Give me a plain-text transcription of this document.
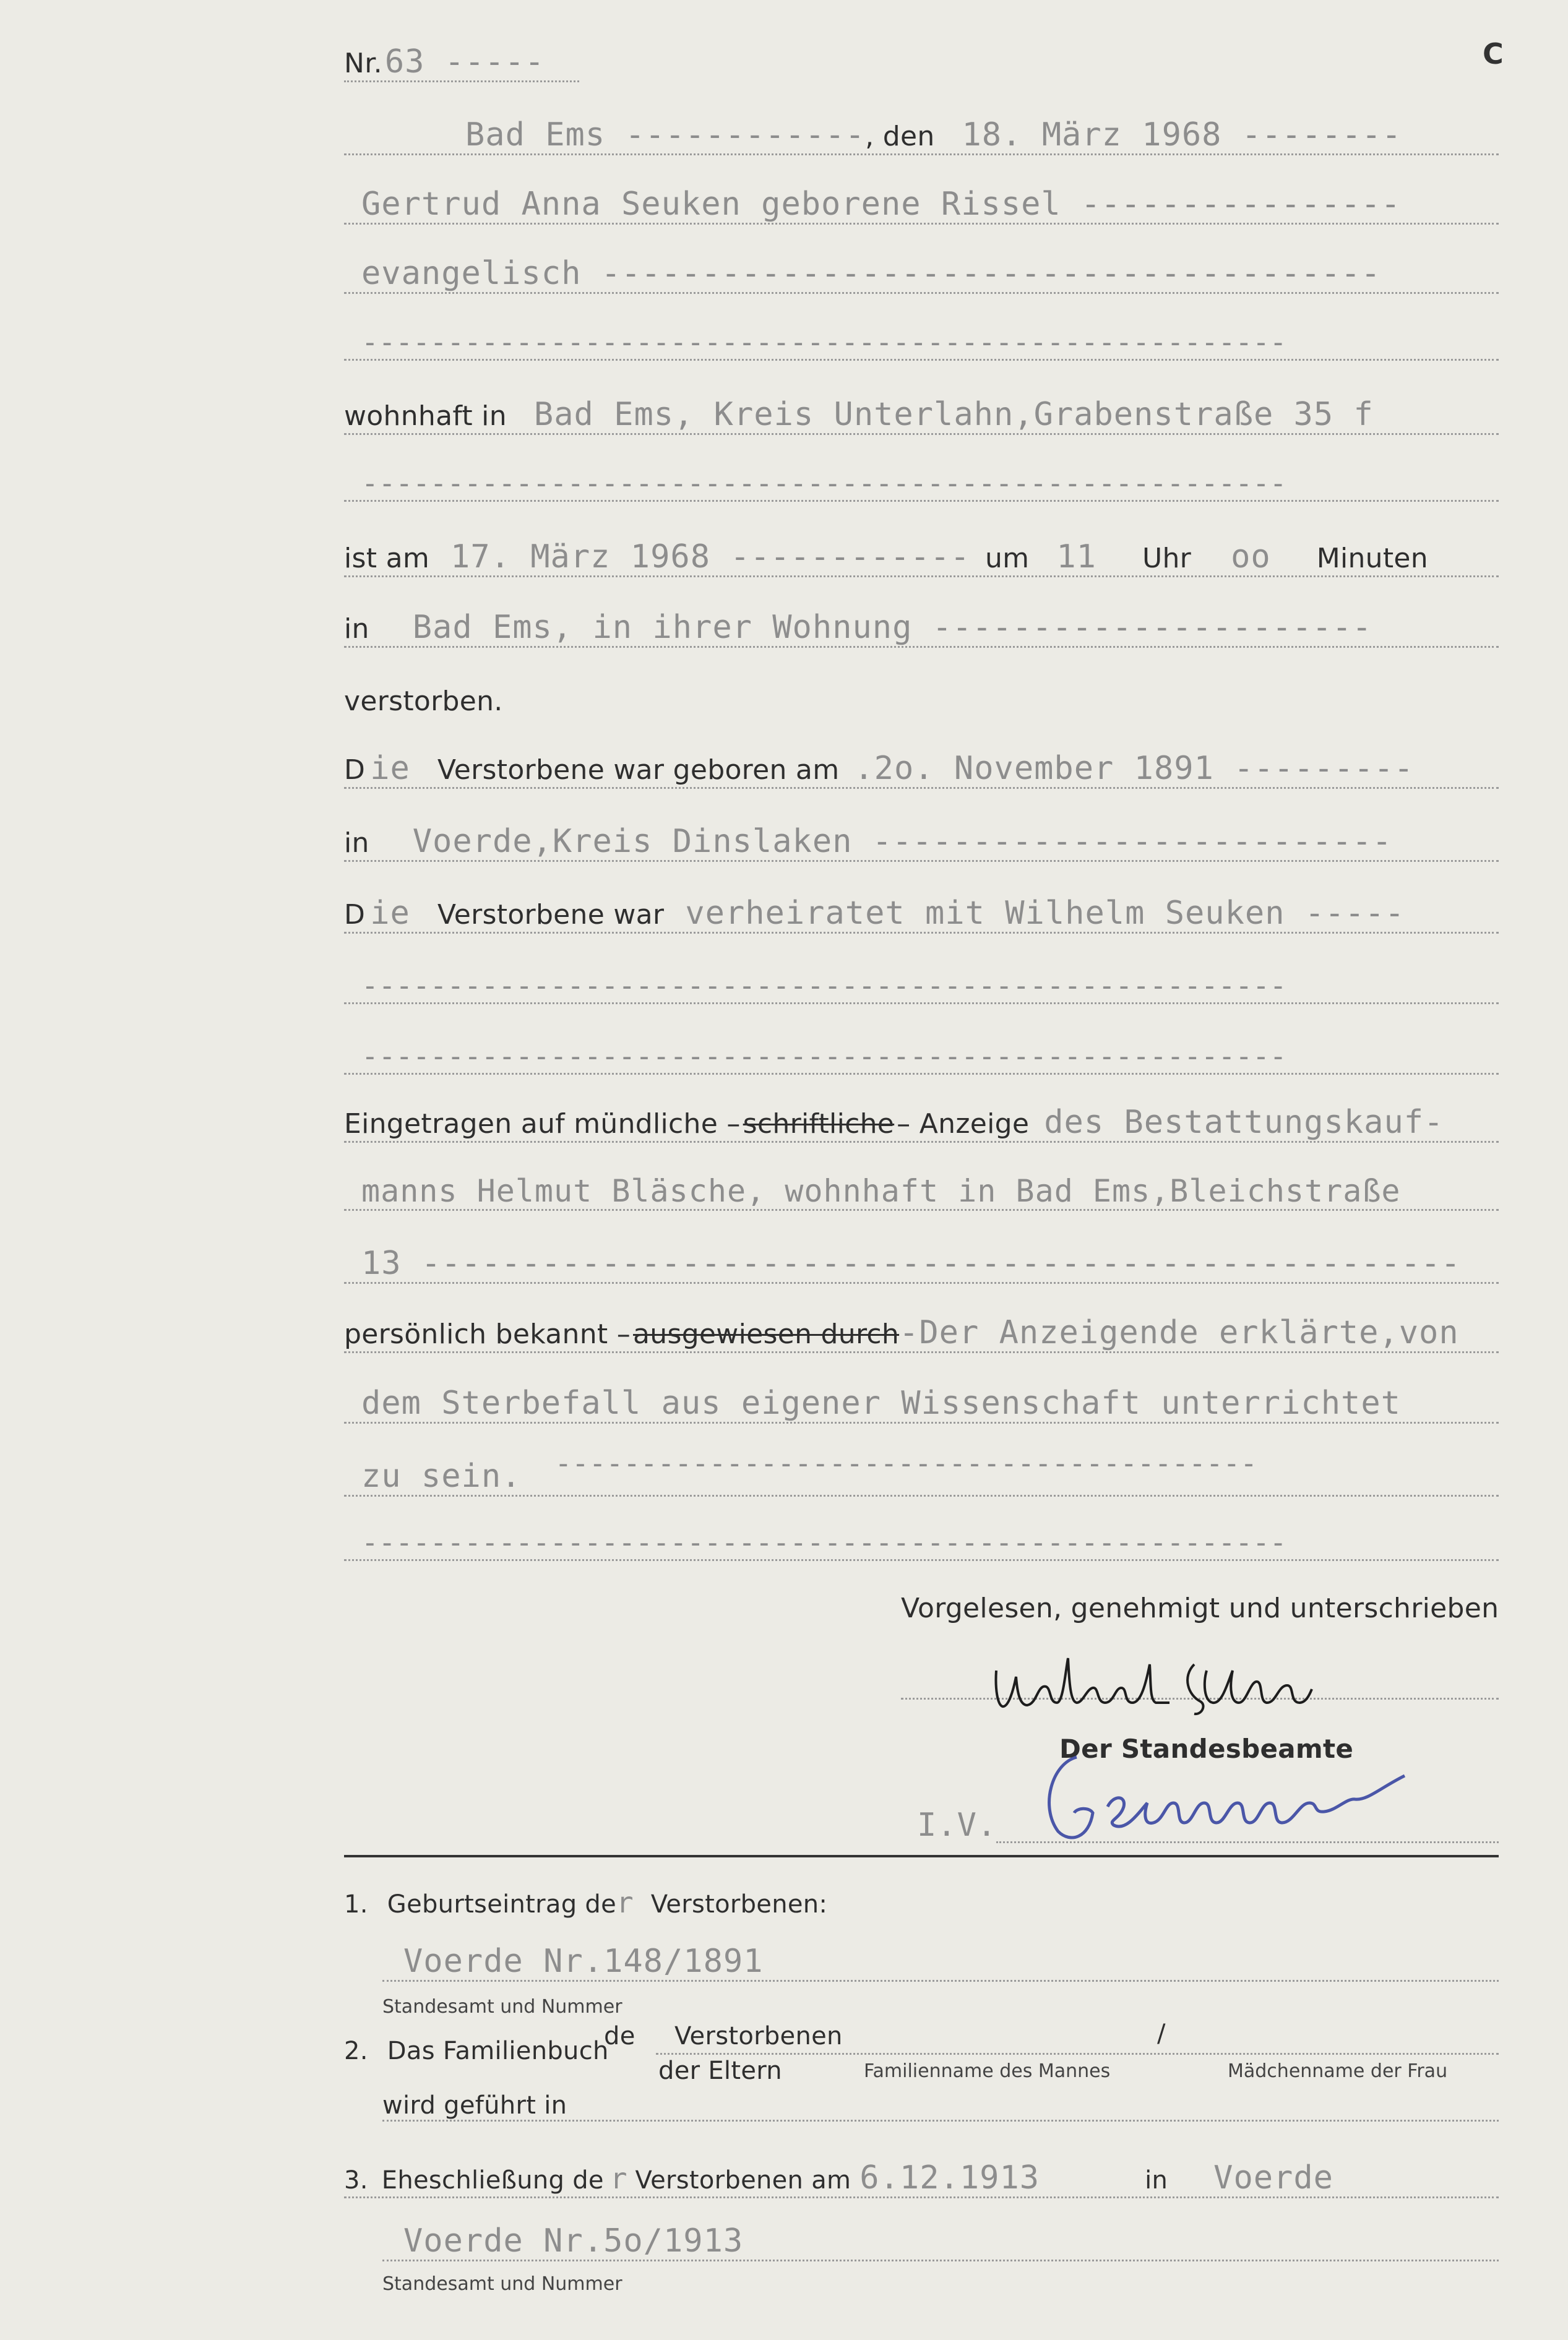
C
Nr. 63 -----
Bad Ems ------------, den 18. März 1968 --------
Gertrud Anna Seuken geborene Rissel ----------------
evangelisch ---------------------------------------
------------------------------------------------------
wohnhaft in Bad Ems, Kreis Unterlahn,Grabenstraße 35 f
------------------------------------------------------
ist am 17. März 1968 ------------ um 11 Uhr oo Minuten
in Bad Ems, in ihrer Wohnung ----------------------
verstorben.
D ie Verstorbene war geboren am .2o. November 1891 ---------
in Voerde,Kreis Dinslaken --------------------------
D ie Verstorbene war verheiratet mit Wilhelm Seuken -----
------------------------------------------------------
------------------------------------------------------
Eingetragen auf mündliche – schriftliche – Anzeige des Bestattungskauf-
manns Helmut Bläsche, wohnhaft in Bad Ems,Bleichstraße
13 ----------------------------------------------------
persönlich bekannt – ausgewiesen durch-Der Anzeigende erklärte,von
dem Sterbefall aus eigener Wissenschaft unterrichtet
zu sein. -----------------------------------------
------------------------------------------------------
Vorgelesen, genehmigt und unterschrieben
Der Standesbeamte
I.V.
1. Geburtseintrag der Verstorbenen:
Voerde Nr.148/1891
Standesamt und Nummer
2. Das Familienbuch
de Verstorbenen	/
der Eltern	Familienname des Mannes	Mädchenname der Frau
wird geführt in
3. Eheschließung de r Verstorbenen am 6.12.1913	in Voerde
Voerde Nr.5o/1913
Standesamt und Nummer
